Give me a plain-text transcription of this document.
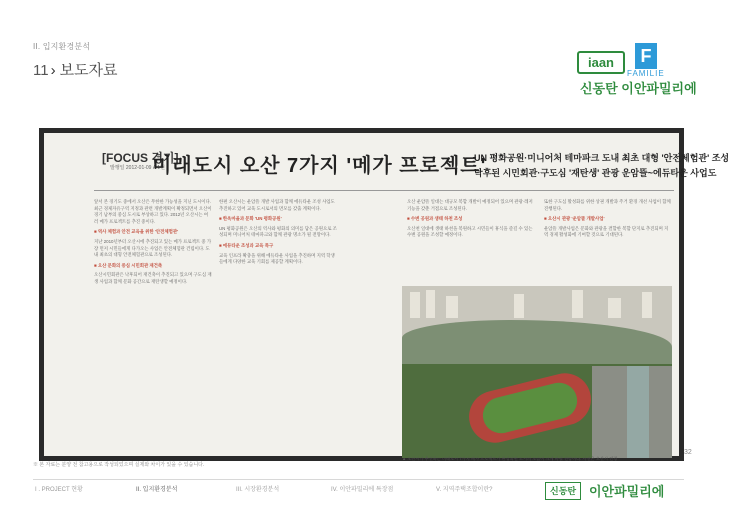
II. 입지환경분석
11 › 보도자료	iaan	F
FAMILIE
신동탄 이안파밀리에
[FOCUS 경기]
발행일 2012-01-09 A 1면
미래도시 오산 7가지 '메가 프로젝트'
UN 평화공원·미니어처 테마파크 도내 최초 대형 '안전체험관' 조성
낙후된 시민회관·구도심 '재탄생' 관광 운암뜰~에듀타운 사업도

앞서 본 경기도 중에서 오산은 무한한 가능성을 지닌 도시이다. 최근 경제자유구역 지정과 관련 개발계획이 확정되면서 오산이 경기 남부의 중심 도시로 부상하고 있다. 2012년 오산시는 여러 메가 프로젝트를 추진 중이다.

■ 역사 체험과 안전 교육을 위한 '안전체험관'

지난 2010년부터 오산시에 추진되고 있는 메가 프로젝트 중 가장 먼저 시민들에게 다가오는 사업은 안전체험관 건립이다. 도내 최초의 대형 안전체험관으로 조성된다.

■ 오산 문화의 중심 시민회관 재건축

오산시민회관은 낙후되어 재건축이 추진되고 있으며 구도심 재생 사업과 함께 문화 공간으로 재탄생할 예정이다.

한편 오산시는 운암뜰 개발 사업과 함께 에듀타운 조성 사업도 추진하고 있어 교육 도시로서의 면모를 갖출 계획이다.

■ 한옥마을과 문화 'UN 평화공원'

UN 평화공원은 오산의 역사와 평화의 의미를 담은 공원으로 조성되며 미니어처 테마파크와 함께 관광 명소가 될 전망이다.

■ 에듀타운 조성과 교육 특구

교육 인프라 확충을 위해 에듀타운 사업을 추진하며 지역 학생들에게 다양한 교육 기회를 제공할 계획이다.

오산 운암뜰 일대는 대규모 복합 개발이 예정되어 있으며 관광·레저 기능을 갖춘 거점으로 조성된다.

■ 수변 공원과 생태 하천 조성

오산천 일대에 생태 하천을 복원하고 시민들이 휴식을 즐길 수 있는 수변 공원을 조성할 예정이다.

또한 구도심 활성화를 위한 상권 개발과 주거 환경 개선 사업이 함께 진행된다.

■ 오산시 관광 '운암뜰 개발사업'

운암뜰 개발사업은 문화와 관광을 결합한 복합 단지로 추진되며 지역 경제 활성화에 기여할 것으로 기대된다.

▲ 오산시가 추진하는 미래도시 7가지 메가 프로젝트가 완성되면 도시의 모습이 크게 바뀔 전망이다. 사진은 오산시 전경
※ 본 자료는 분양 전 참고용으로 작성되었으며 실제와 차이가 있을 수 있습니다.
32
I . PROJECT 현황	II. 입지환경분석	III. 시장환경분석	IV. 이안파밀리에 특장점	V. 지역주택조합이란?	신동탄 이안파밀리에
